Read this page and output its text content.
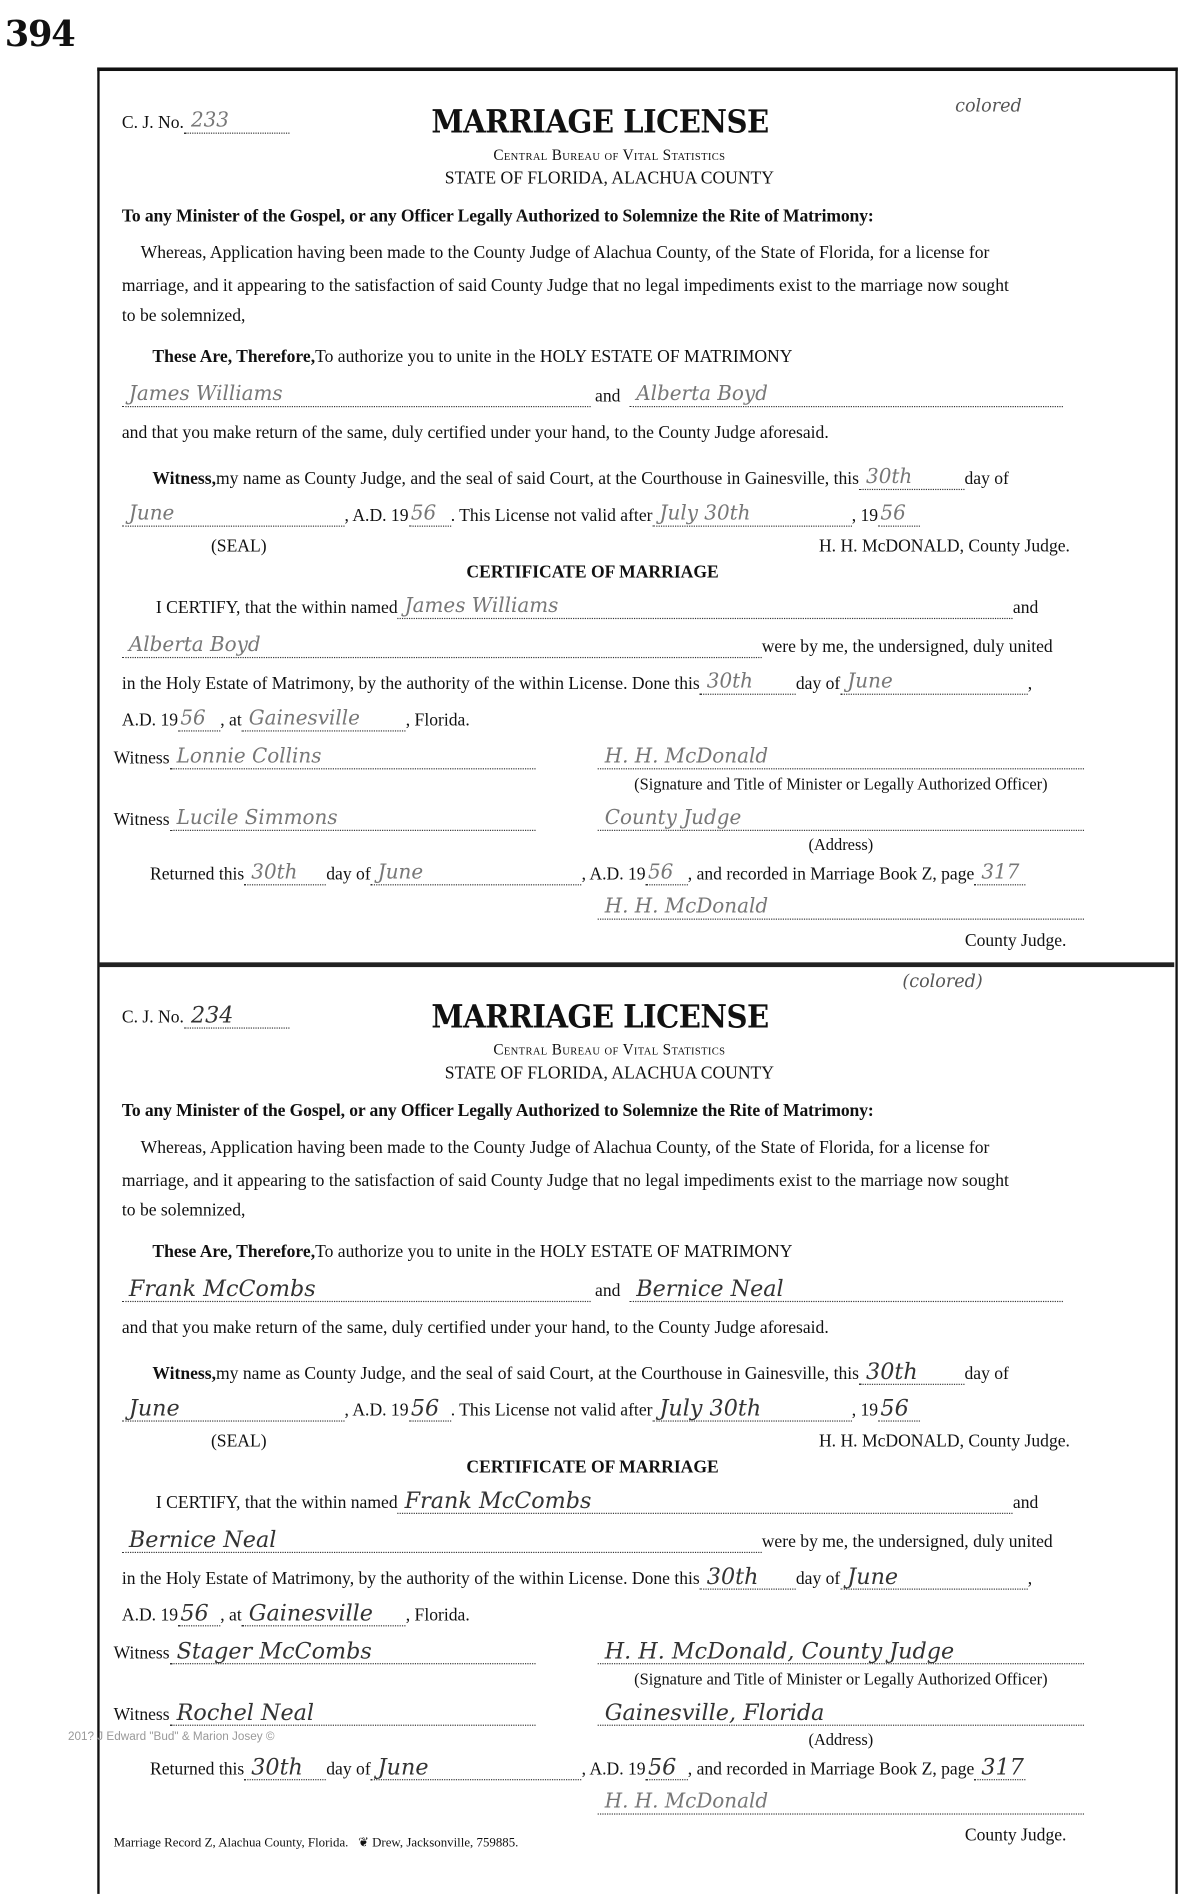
394
C. J. No. 233
colored
MARRIAGE LICENSE
Central Bureau of Vital Statistics
STATE OF FLORIDA, ALACHUA COUNTY
To any Minister of the Gospel, or any Officer Legally Authorized to Solemnize the Rite of Matrimony:
Whereas, Application having been made to the County Judge of Alachua County, of the State of Florida, for a license for
marriage, and it appearing to the satisfaction of said County Judge that no legal impediments exist to the marriage now sought
to be solemnized,
These Are, Therefore, To authorize you to unite in the HOLY ESTATE OF MATRIMONY
James Williams
	and
Alberta Boyd
and that you make return of the same, duly certified under your hand, to the County Judge aforesaid.
Witness, my name as County Judge, and the seal of said Court, at the Courthouse in Gainesville, this 30th	day of
June	, A.D. 19 56 . This License not valid after July 30th	, 19 56
(SEAL)	H. H. McDONALD, County Judge.
CERTIFICATE OF MARRIAGE
I CERTIFY, that the within named James Williams	and
Alberta Boyd	were by me, the undersigned, duly united
in the Holy Estate of Matrimony, by the authority of the within License. Done this 30th	day of June	,
A.D. 19 56 , at Gainesville	, Florida.
Witness Lonnie Collins	H. H. McDonald
(Signature and Title of Minister or Legally Authorized Officer)
Witness Lucile Simmons	County Judge
(Address)
Returned this 30th day of June	, A.D. 19 56 , and recorded in Marriage Book Z, page 317
H. H. McDonald
County Judge.
C. J. No. 234
(colored)
MARRIAGE LICENSE
Central Bureau of Vital Statistics
STATE OF FLORIDA, ALACHUA COUNTY
To any Minister of the Gospel, or any Officer Legally Authorized to Solemnize the Rite of Matrimony:
Whereas, Application having been made to the County Judge of Alachua County, of the State of Florida, for a license for
marriage, and it appearing to the satisfaction of said County Judge that no legal impediments exist to the marriage now sought
to be solemnized,
These Are, Therefore, To authorize you to unite in the HOLY ESTATE OF MATRIMONY
Frank McCombs
	and
Bernice Neal
and that you make return of the same, duly certified under your hand, to the County Judge aforesaid.
Witness, my name as County Judge, and the seal of said Court, at the Courthouse in Gainesville, this 30th	day of
June	, A.D. 19 56 . This License not valid after July 30th	, 19 56
(SEAL)	H. H. McDONALD, County Judge.
CERTIFICATE OF MARRIAGE
I CERTIFY, that the within named Frank McCombs	and
Bernice Neal	were by me, the undersigned, duly united
in the Holy Estate of Matrimony, by the authority of the within License. Done this 30th day of June	,
A.D. 19 56 , at Gainesville , Florida.
Witness Stager McCombs	H. H. McDonald, County Judge
(Signature and Title of Minister or Legally Authorized Officer)
Witness Rochel Neal	Gainesville, Florida
(Address)
Returned this 30th day of June	, A.D. 19 56 , and recorded in Marriage Book Z, page 317
H. H. McDonald
County Judge.
201? J Edward "Bud" & Marion Josey ©
Marriage Record Z, Alachua County, Florida. ❦ Drew, Jacksonville, 759885.
